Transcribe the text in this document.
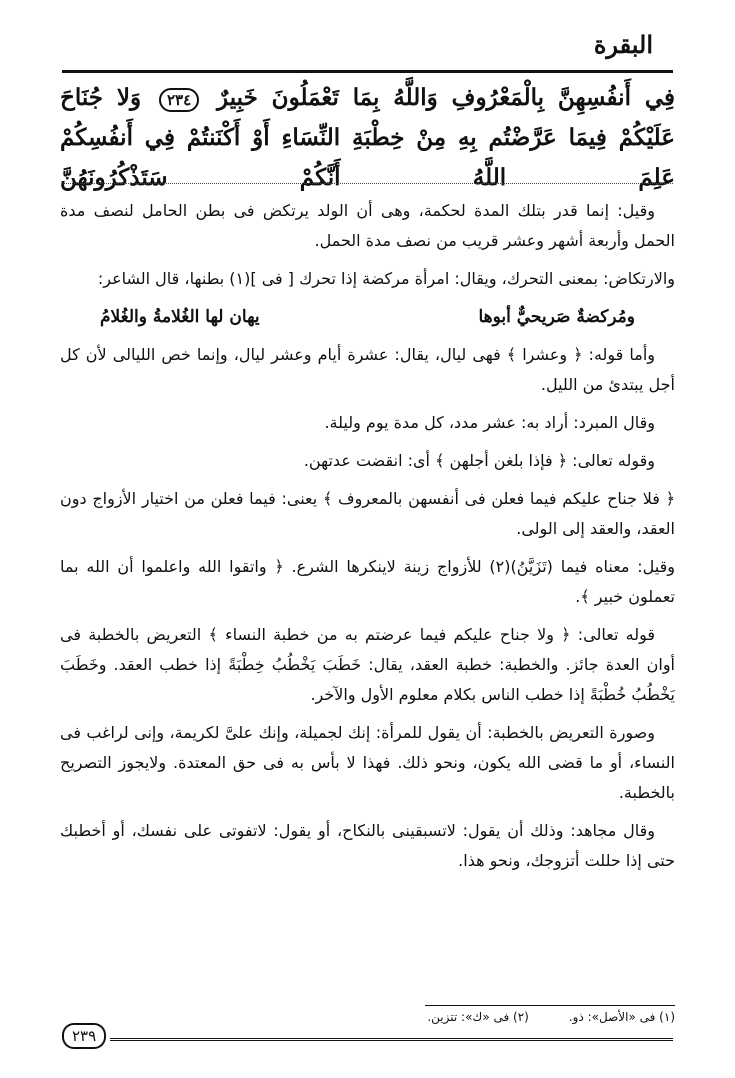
البقرة
فِي أَنفُسِهِنَّ بِالْمَعْرُوفِ وَاللَّهُ بِمَا تَعْمَلُونَ خَبِيرٌ ٢٣٤ وَلا جُنَاحَ عَلَيْكُمْ فِيمَا عَرَّضْتُم بِهِ مِنْ خِطْبَةِ النِّسَاءِ أَوْ أَكْنَنتُمْ فِي أَنفُسِكُمْ عَلِمَ اللَّهُ أَنَّكُمْ سَتَذْكُرُونَهُنَّ

وقيل: إنما قدر بتلك المدة لحكمة، وهى أن الولد يرتكض فى بطن الحامل لنصف مدة الحمل وأربعة أشهر وعشر قريب من نصف مدة الحمل.

والارتكاض: بمعنى التحرك، ويقال: امرأة مركضة إذا تحرك [ فى ](١) بطنها، قال الشاعر:

ومُركضةٌ صَريحيٌّ أبوها
يهان لها الغُلامةُ والغُلامُ

وأما قوله: ﴿ وعشرا ﴾ فهى ليال، يقال: عشرة أيام وعشر ليال، وإنما خص الليالى لأن كل أجل يبتدئ من الليل.

وقال المبرد: أراد به: عشر مدد، كل مدة يوم وليلة.

وقوله تعالى: ﴿ فإذا بلغن أجلهن ﴾ أى: انقضت عدتهن.

﴿ فلا جناح عليكم فيما فعلن فى أنفسهن بالمعروف ﴾ يعنى: فيما فعلن من اختيار الأزواج دون العقد، والعقد إلى الولى.

وقيل: معناه فيما (تَزَيَّنُ)(٢) للأزواج زينة لاينكرها الشرع. ﴿ واتقوا الله واعلموا أن الله بما تعملون خبير ﴾.

قوله تعالى: ﴿ ولا جناح عليكم فيما عرضتم به من خطبة النساء ﴾ التعريض بالخطبة فى أوان العدة جائز. والخطبة: خطبة العقد، يقال: خَطَبَ يَخْطُبُ خِطْبَةً إذا خطب العقد. وخَطَبَ يَخْطُبُ خُطْبَةً إذا خطب الناس بكلام معلوم الأول والآخر.

وصورة التعريض بالخطبة: أن يقول للمرأة: إنك لجميلة، وإنك علىَّ لكريمة، وإنى لراغب فى النساء، أو ما قضى الله يكون، ونحو ذلك. فهذا لا بأس به فى حق المعتدة. ولايجوز التصريح بالخطبة.

وقال مجاهد: وذلك أن يقول: لاتسبقينى بالنكاح، أو يقول: لاتفوتى على نفسك، أو أخطبك حتى إذا حللت أتزوجك، ونحو هذا.

(١) فى «الأصل»: ذو.
(٢) فى «ك»: تتزين.
٢٣٩
